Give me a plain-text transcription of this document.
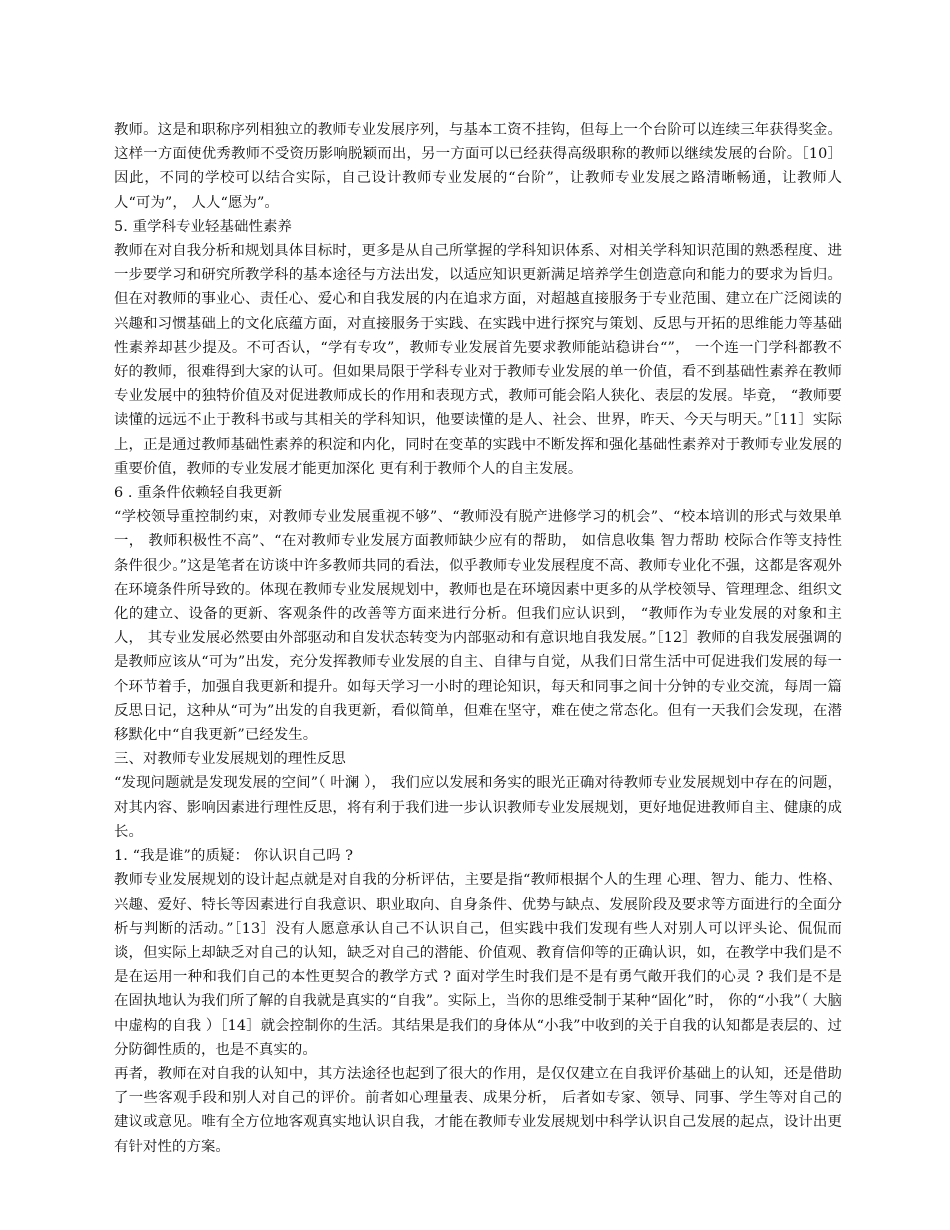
教师。这是和职称序列相独立的教师专业发展序列，与基本工资不挂钩，但每上一个台阶可以连续三年获得奖金。这样一方面使优秀教师不受资历影响脱颖而出，另一方面可以已经获得高级职称的教师以继续发展的台阶。［10］因此，不同的学校可以结合实际，自己设计教师专业发展的“台阶”，让教师专业发展之路清晰畅通，让教师人人“可为”， 人人“愿为”。

5. 重学科专业轻基础性素养

教师在对自我分析和规划具体目标时，更多是从自己所掌握的学科知识体系、对相关学科知识范围的熟悉程度、进一步要学习和研究所教学科的基本途径与方法出发，以适应知识更新满足培养学生创造意向和能力的要求为旨归。但在对教师的事业心、责任心、爱心和自我发展的内在追求方面，对超越直接服务于专业范围、建立在广泛阅读的兴趣和习惯基础上的文化底蕴方面，对直接服务于实践、在实践中进行探究与策划、反思与开拓的思维能力等基础性素养却甚少提及。不可否认，“学有专攻”，教师专业发展首先要求教师能站稳讲台“”， 一个连一门学科都教不好的教师，很难得到大家的认可。但如果局限于学科专业对于教师专业发展的单一价值，看不到基础性素养在教师专业发展中的独特价值及对促进教师成长的作用和表现方式，教师可能会陷人狭化、表层的发展。毕竟， “教师要读懂的远远不止于教科书或与其相关的学科知识，他要读懂的是人、社会、世界，昨天、今天与明天。”［11］实际上，正是通过教师基础性素养的积淀和内化，同时在变革的实践中不断发挥和强化基础性素养对于教师专业发展的重要价值，教师的专业发展才能更加深化 更有利于教师个人的自主发展。

6 . 重条件依赖轻自我更新

“学校领导重控制约束，对教师专业发展重视不够”、“教师没有脱产进修学习的机会”、“校本培训的形式与效果单一， 教师积极性不高”、“在对教师专业发展方面教师缺少应有的帮助， 如信息收集 智力帮助 校际合作等支持性条件很少。”这是笔者在访谈中许多教师共同的看法，似乎教师专业发展程度不高、教师专业化不强，这都是客观外在环境条件所导致的。体现在教师专业发展规划中，教师也是在环境因素中更多的从学校领导、管理理念、组织文化的建立、设备的更新、客观条件的改善等方面来进行分析。但我们应认识到， “教师作为专业发展的对象和主人， 其专业发展必然要由外部驱动和自发状态转变为内部驱动和有意识地自我发展。”［12］教师的自我发展强调的是教师应该从“可为”出发，充分发挥教师专业发展的自主、自律与自觉，从我们日常生活中可促进我们发展的每一个环节着手，加强自我更新和提升。如每天学习一小时的理论知识，每天和同事之间十分钟的专业交流，每周一篇反思日记，这种从“可为”出发的自我更新，看似简单，但难在坚守，难在使之常态化。但有一天我们会发现，在潜移默化中“自我更新”已经发生。

三、对教师专业发展规划的理性反思

“发现问题就是发现发展的空间”（ 叶澜 ）， 我们应以发展和务实的眼光正确对待教师专业发展规划中存在的问题，对其内容、影响因素进行理性反思，将有利于我们进一步认识教师专业发展规划，更好地促进教师自主、健康的成长。

1. “我是谁”的质疑： 你认识自己吗 ?

教师专业发展规划的设计起点就是对自我的分析评估，主要是指“教师根据个人的生理 心理、智力、能力、性格、兴趣、爱好、特长等因素进行自我意识、职业取向、自身条件、优势与缺点、发展阶段及要求等方面进行的全面分析与判断的活动。”［13］没有人愿意承认自己不认识自己，但实践中我们发现有些人对别人可以评头论、侃侃而谈，但实际上却缺乏对自己的认知，缺乏对自己的潜能、价值观、教育信仰等的正确认识，如，在教学中我们是不是在运用一种和我们自己的本性更契合的教学方式 ? 面对学生时我们是不是有勇气敞开我们的心灵 ? 我们是不是在固执地认为我们所了解的自我就是真实的“自我”。实际上，当你的思维受制于某种“固化”时， 你的“小我”（ 大脑中虚构的自我 ）［14］就会控制你的生活。其结果是我们的身体从“小我”中收到的关于自我的认知都是表层的、过分防御性质的，也是不真实的。

再者，教师在对自我的认知中，其方法途径也起到了很大的作用，是仅仅建立在自我评价基础上的认知，还是借助了一些客观手段和别人对自己的评价。前者如心理量表、成果分析， 后者如专家、领导、同事、学生等对自己的建议或意见。唯有全方位地客观真实地认识自我，才能在教师专业发展规划中科学认识自己发展的起点，设计出更有针对性的方案。
